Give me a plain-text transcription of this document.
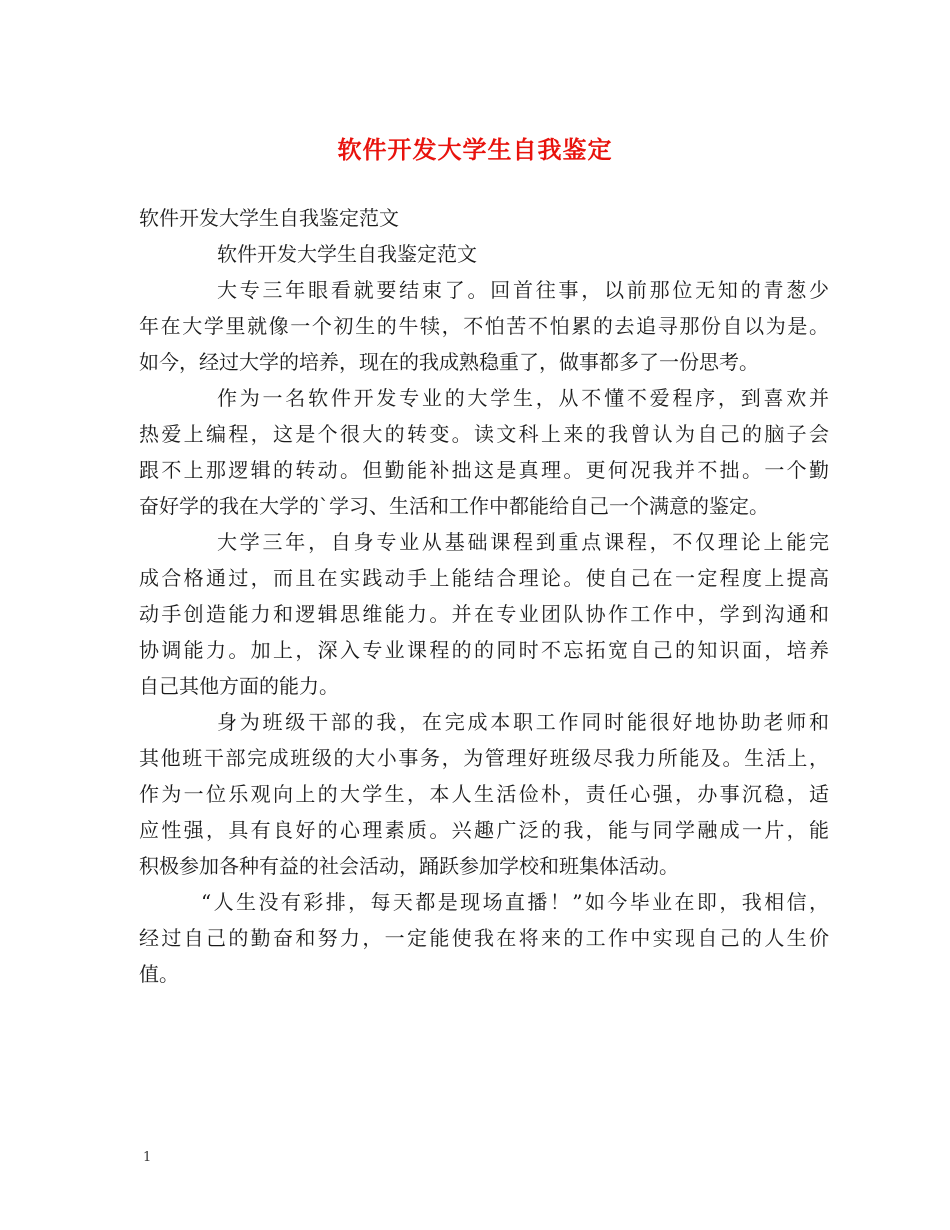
软件开发大学生自我鉴定
软件开发大学生自我鉴定范文
软件开发大学生自我鉴定范文
大专三年眼看就要结束了。回首往事，以前那位无知的青葱少
年在大学里就像一个初生的牛犊，不怕苦不怕累的去追寻那份自以为是。
如今，经过大学的培养，现在的我成熟稳重了，做事都多了一份思考。
作为一名软件开发专业的大学生，从不懂不爱程序，到喜欢并
热爱上编程，这是个很大的转变。读文科上来的我曾认为自己的脑子会
跟不上那逻辑的转动。但勤能补拙这是真理。更何况我并不拙。一个勤
奋好学的我在大学的`学习、生活和工作中都能给自己一个满意的鉴定。
大学三年，自身专业从基础课程到重点课程，不仅理论上能完
成合格通过，而且在实践动手上能结合理论。使自己在一定程度上提高
动手创造能力和逻辑思维能力。并在专业团队协作工作中，学到沟通和
协调能力。加上，深入专业课程的的同时不忘拓宽自己的知识面，培养
自己其他方面的能力。
身为班级干部的我，在完成本职工作同时能很好地协助老师和
其他班干部完成班级的大小事务，为管理好班级尽我力所能及。生活上，
作为一位乐观向上的大学生，本人生活俭朴，责任心强，办事沉稳，适
应性强，具有良好的心理素质。兴趣广泛的我，能与同学融成一片，能
积极参加各种有益的社会活动，踊跃参加学校和班集体活动。
“人生没有彩排，每天都是现场直播！”如今毕业在即，我相信，
经过自己的勤奋和努力，一定能使我在将来的工作中实现自己的人生价
值。
1
